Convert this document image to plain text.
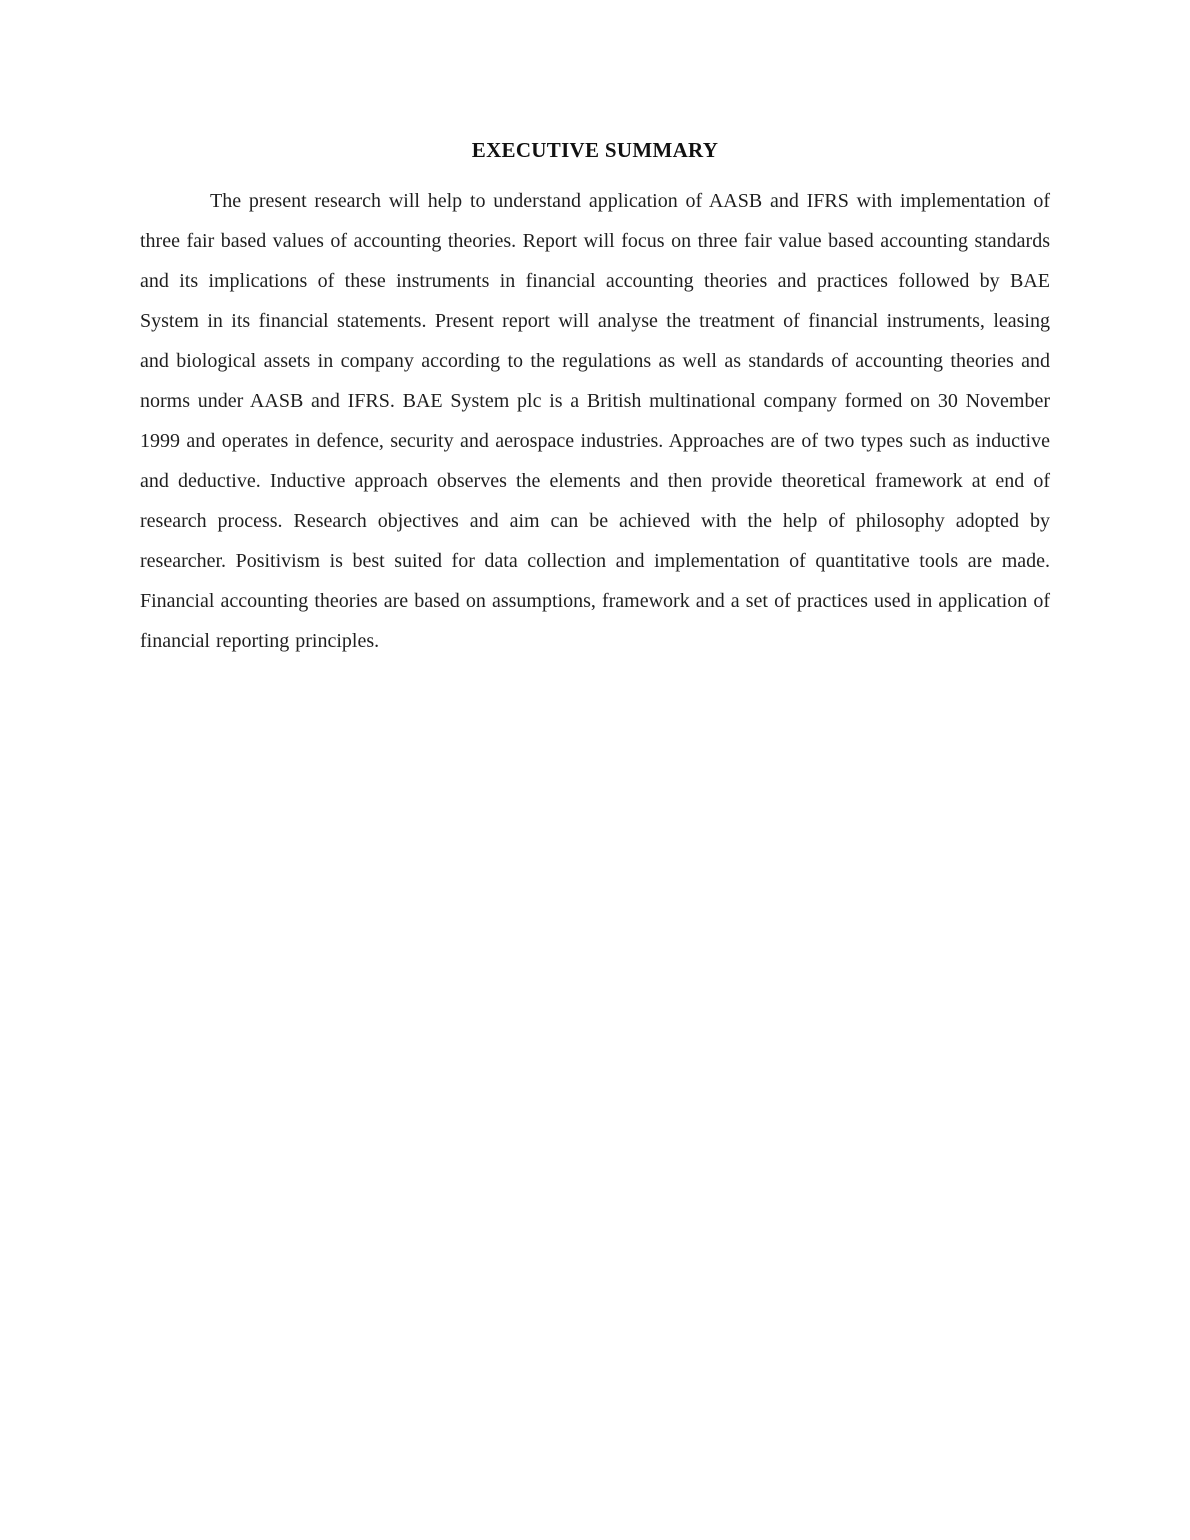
EXECUTIVE SUMMARY

The present research will help to understand application of AASB and IFRS with implementation of three fair based values of accounting theories. Report will focus on three fair value based accounting standards and its implications of these instruments in financial accounting theories and practices followed by BAE System in its financial statements. Present report will analyse the treatment of financial instruments, leasing and biological assets in company according to the regulations as well as standards of accounting theories and norms under AASB and IFRS. BAE System plc is a British multinational company formed on 30 November 1999 and operates in defence, security and aerospace industries. Approaches are of two types such as inductive and deductive. Inductive approach observes the elements and then provide theoretical framework at end of research process. Research objectives and aim can be achieved with the help of philosophy adopted by researcher. Positivism is best suited for data collection and implementation of quantitative tools are made. Financial accounting theories are based on assumptions, framework and a set of practices used in application of financial reporting principles.
